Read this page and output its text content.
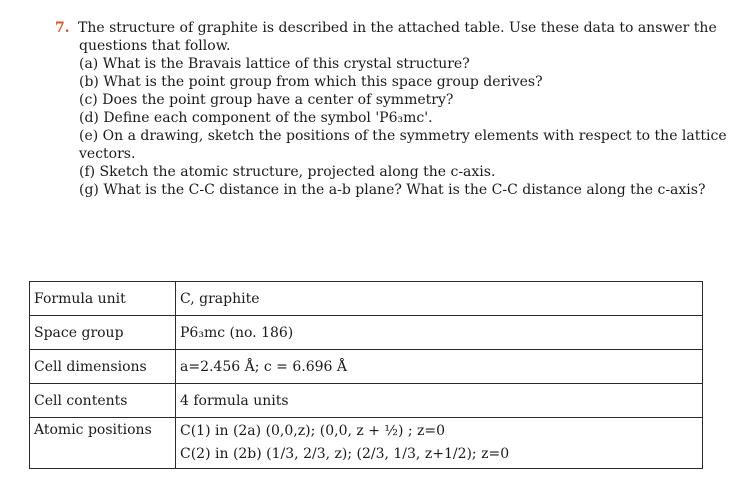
7. The structure of graphite is described in the attached table. Use these data to answer the
questions that follow.
(a) What is the Bravais lattice of this crystal structure?
(b) What is the point group from which this space group derives?
(c) Does the point group have a center of symmetry?
(d) Define each component of the symbol 'P6₃mc'.
(e) On a drawing, sketch the positions of the symmetry elements with respect to the lattice
vectors.
(f) Sketch the atomic structure, projected along the c-axis.
(g) What is the C-C distance in the a-b plane? What is the C-C distance along the c-axis?
Formula unit	C, graphite
Space group	P6₃mc (no. 186)
Cell dimensions	a=2.456 Å; c = 6.696 Å
Cell contents	4 formula units
Atomic positions	C(1) in (2a) (0,0,z); (0,0, z + ½) ; z=0
C(2) in (2b) (1/3, 2/3, z); (2/3, 1/3, z+1/2); z=0
